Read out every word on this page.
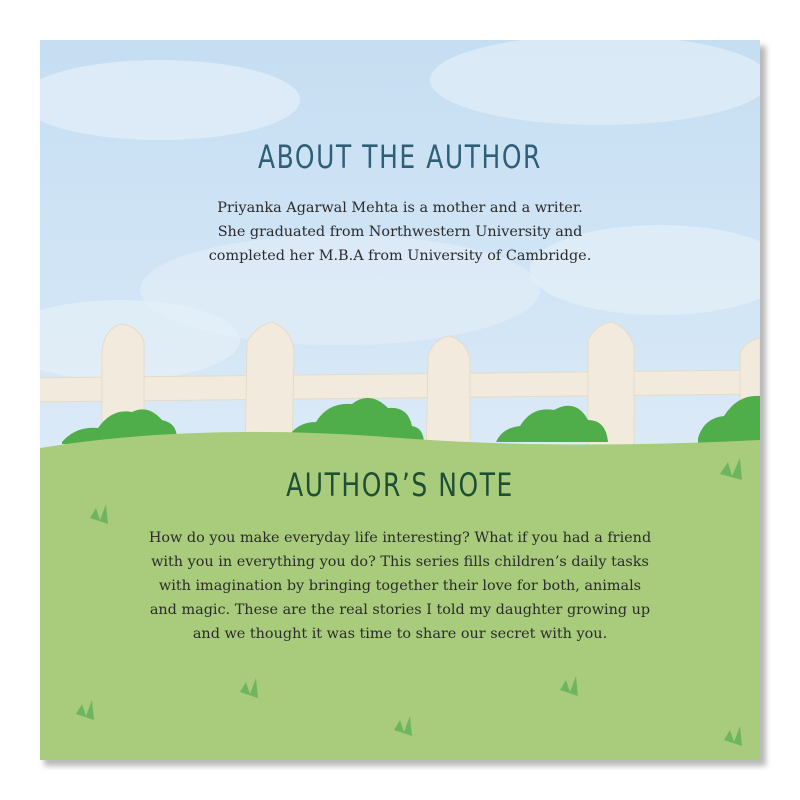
ABOUT THE AUTHOR

Priyanka Agarwal Mehta is a mother and a writer.
She graduated from Northwestern University and
completed her M.B.A from University of Cambridge.

AUTHOR’S NOTE

How do you make everyday life interesting? What if you had a friend
with you in everything you do? This series fills children’s daily tasks
with imagination by bringing together their love for both, animals
and magic. These are the real stories I told my daughter growing up
and we thought it was time to share our secret with you.
